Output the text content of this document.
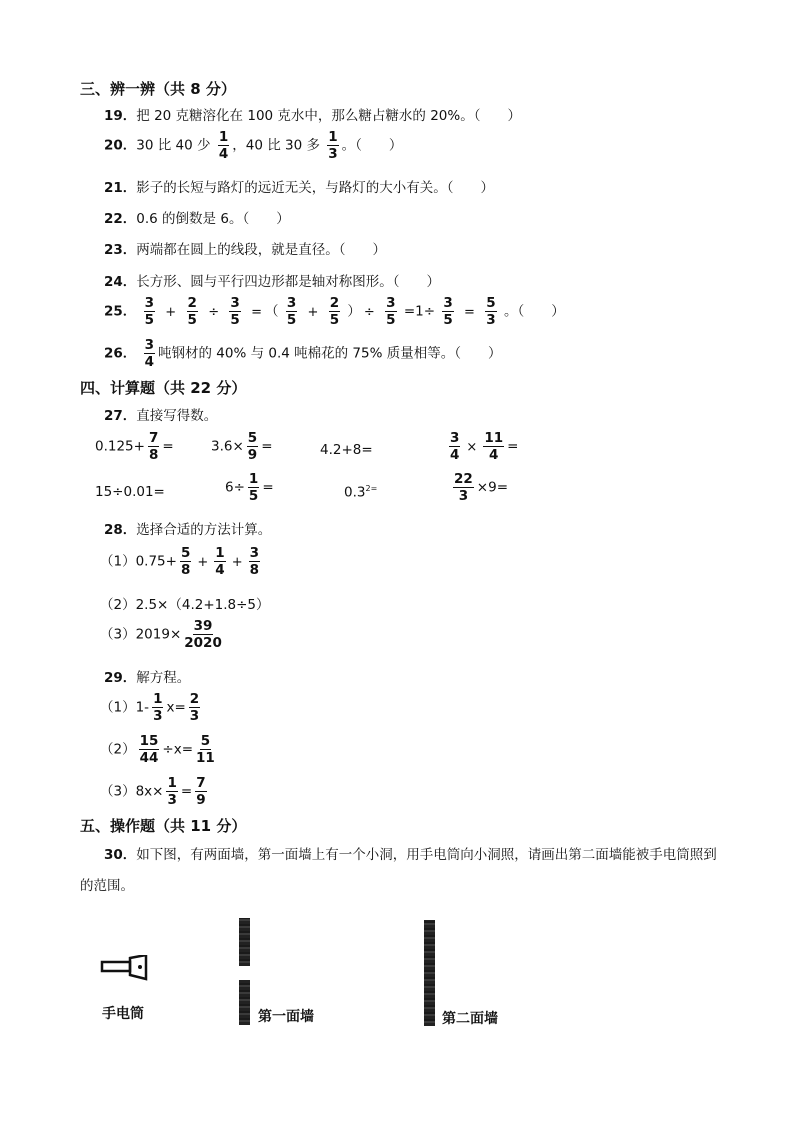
三、辨一辨（共 8 分）
19．把 20 克糖溶化在 100 克水中，那么糖占糖水的 20%。（　　）
20．30 比 40 少 $\frac{1}{4}$ ，40 比 30 多 $\frac{1}{3}$ 。（　　）
21．影子的长短与路灯的远近无关，与路灯的大小有关。（　　）
22．0.6 的倒数是 6。（　　）
23．两端都在圆上的线段，就是直径。（　　）
24．长方形、圆与平行四边形都是轴对称图形。（　　）
25． $\frac{3}{5} + \frac{2}{5} \div \frac{3}{5}$ = （ $\frac{3}{5} + \frac{2}{5}$ ） ÷ $\frac{3}{5} =1\div \frac{3}{5} = \frac{5}{3}$ 。（　　）
26． $\frac{3}{4}$ 吨钢材的 40% 与 0.4 吨棉花的 75% 质量相等。（　　）
四、计算题（共 22 分）
27．直接写得数。
$0.125+ \frac{7}{8}$ =	$3.6\times \frac{5}{9}$ =	4.2+8=	$\frac{3}{4} \times \frac{11}{4}$ =
15÷0.01=	$6\div \frac{1}{5}$ =	$0.3^{2=}$	$\frac{22}{3} \times 9=$
28．选择合适的方法计算。
$(1)0.75+ \frac{5}{8} + \frac{1}{4} + \frac{3}{8}$
（2）2.5×（4.2+1.8÷5）
$(3)2019\times \frac{39}{2020}$
29．解方程。
$(1)1- \frac{1}{3} x= \frac{2}{3}$
$(2) \frac{15}{44} \div x= \frac{5}{11}$
$(3)8x\times \frac{1}{3} = \frac{7}{9}$
五、操作题（共 11 分）
30．如下图，有两面墙，第一面墙上有一个小洞，用手电筒向小洞照，请画出第二面墙能被手电筒照到
的范围。
手电筒	第一面墙	第二面墙
